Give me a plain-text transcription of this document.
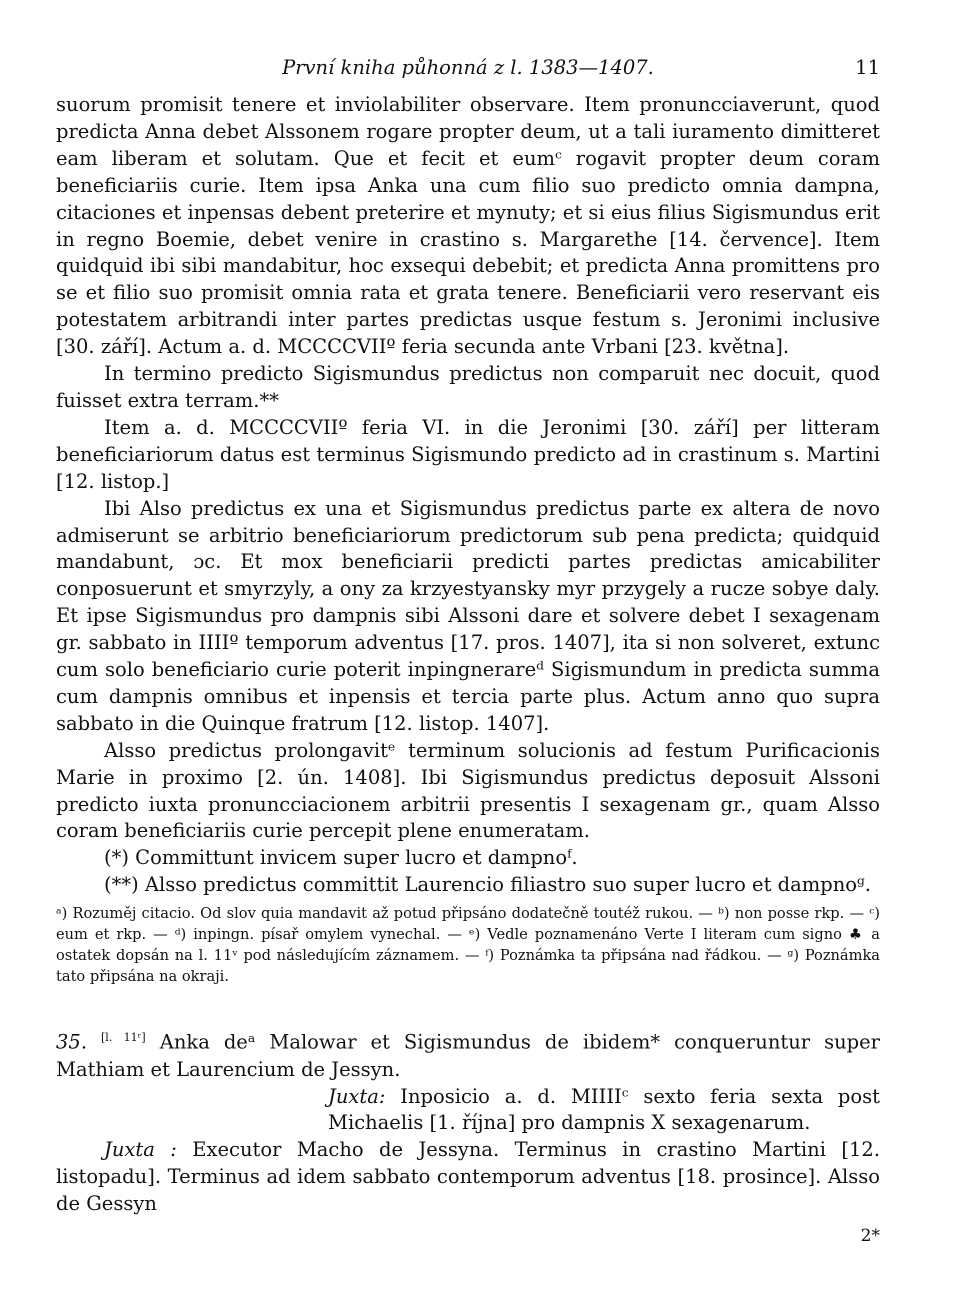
První kniha půhonná z l. 1383—1407.	11

suorum promisit tenere et inviolabiliter observare. Item pronuncciaverunt, quod predicta Anna debet Alssonem rogare propter deum, ut a tali iuramento dimitteret eam liberam et solutam. Que et fecit et eumᶜ rogavit propter deum coram beneficiariis curie. Item ipsa Anka una cum filio suo predicto omnia dampna, citaciones et inpensas debent preterire et mynuty; et si eius filius Sigismundus erit in regno Boemie, debet venire in crastino s. Margarethe [14. července]. Item quidquid ibi sibi mandabitur, hoc exsequi debebit; et predicta Anna promittens pro se et filio suo promisit omnia rata et grata tenere. Beneficiarii vero reservant eis potestatem arbitrandi inter partes predictas usque festum s. Jeronimi inclusive [30. září]. Actum a. d. MCCCCVIIº feria secunda ante Vrbani [23. května].

In termino predicto Sigismundus predictus non comparuit nec docuit, quod fuisset extra terram.**

Item a. d. MCCCCVIIº feria VI. in die Jeronimi [30. září] per litteram beneficiariorum datus est terminus Sigismundo predicto ad in crastinum s. Martini [12. listop.]

Ibi Also predictus ex una et Sigismundus predictus parte ex altera de novo admiserunt se arbitrio beneficiariorum predictorum sub pena predicta; quidquid mandabunt, ɔc. Et mox beneficiarii predicti partes predictas amicabiliter conposuerunt et smyrzyly, a ony za krzyestyansky myr przygely a rucze sobye daly. Et ipse Sigismundus pro dampnis sibi Alssoni dare et solvere debet I sexagenam gr. sabbato in IIIIº temporum adventus [17. pros. 1407], ita si non solveret, extunc cum solo beneficiario curie poterit inpingnerareᵈ Sigismundum in predicta summa cum dampnis omnibus et inpensis et tercia parte plus. Actum anno quo supra sabbato in die Quinque fratrum [12. listop. 1407].

Alsso predictus prolongavitᵉ terminum solucionis ad festum Purificacionis Marie in proximo [2. ún. 1408]. Ibi Sigismundus predictus deposuit Alssoni predicto iuxta pronuncciacionem arbitrii presentis I sexagenam gr., quam Alsso coram beneficiariis curie percepit plene enumeratam.

(*) Committunt invicem super lucro et dampnoᶠ.

(**) Alsso predictus committit Laurencio filiastro suo super lucro et dampnoᵍ.

ᵃ) Rozuměj citacio. Od slov quia mandavit až potud připsáno dodatečně toutéž rukou. — ᵇ) non posse rkp. — ᶜ) eum et rkp. — ᵈ) inpingn. písař omylem vynechal. — ᵉ) Vedle poznamenáno Verte I literam cum signo ♣ a ostatek dopsán na l. 11ᵛ pod následujícím záznamem. — ᶠ) Poznámka ta připsána nad řádkou. — ᵍ) Poznámka tato připsána na okraji.

35. [l. 11ʳ] Anka deᵃ Malowar et Sigismundus de ibidem* conqueruntur super Mathiam et Laurencium de Jessyn.

Juxta: Inposicio a. d. MIIIIᶜ sexto feria sexta post Michaelis [1. října] pro dampnis X sexagenarum.

Juxta : Executor Macho de Jessyna. Terminus in crastino Martini [12. listopadu]. Terminus ad idem sabbato contemporum adventus [18. prosince]. Alsso de Gessyn

2*
